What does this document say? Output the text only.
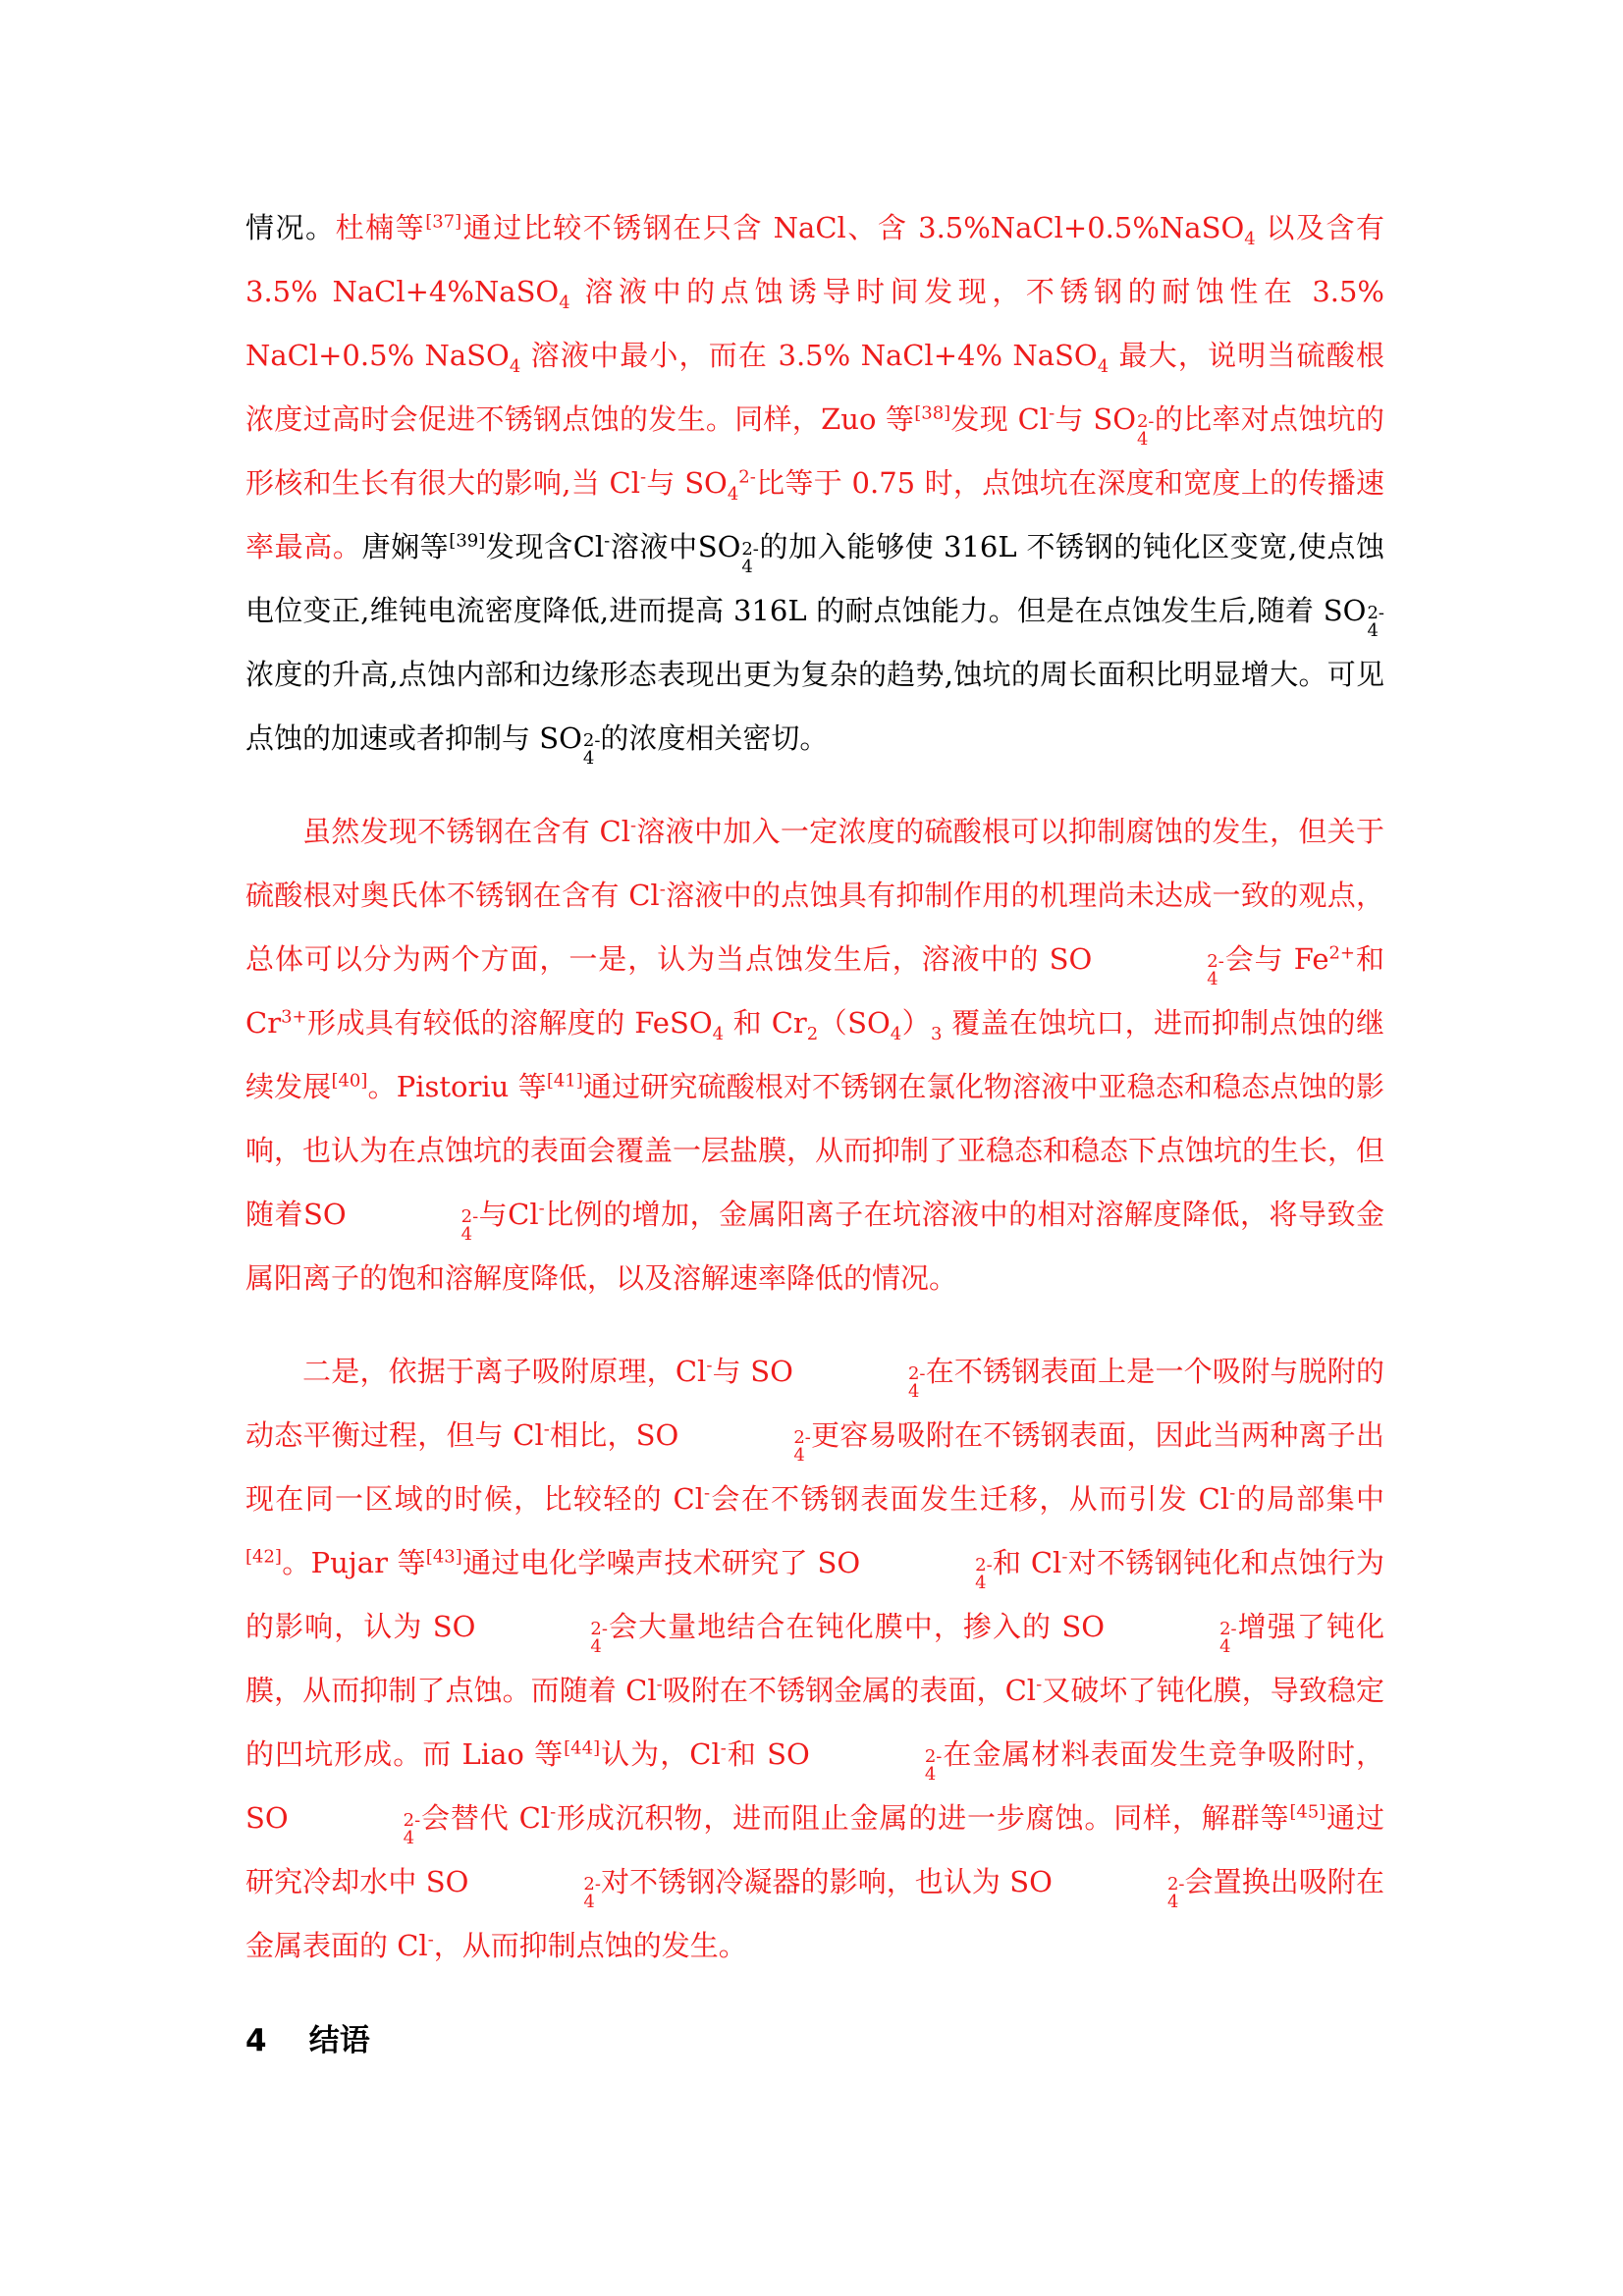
情况。杜楠等[37]通过比较不锈钢在只含 NaCl、含 3.5%NaCl+0.5%NaSO$_4$ 以及含有 3.5% NaCl+4%NaSO$_4$ 溶液中的点蚀诱导时间发现，不锈钢的耐蚀性在 3.5% NaCl+0.5% NaSO$_4$ 溶液中最小，而在 3.5% NaCl+4% NaSO$_4$ 最大，说明当硫酸根浓度过高时会促进不锈钢点蚀的发生。同样，Zuo 等[38]发现 Cl-与 SO 2-
4
的比率对点蚀坑的形核和生长有很大的影响,当 Cl-与 $SO_4^{2-}$比等于 0.75 时，点蚀坑在深度和宽度上的传播速率最高。唐娴等[39]发现含Cl-溶液中SO 2-
4
的加入能够使 316L 不锈钢的钝化区变宽,使点蚀电位变正,维钝电流密度降低,进而提高 316L 的耐点蚀能力。但是在点蚀发生后,随着 SO 2-
4
浓度的升高,点蚀内部和边缘形态表现出更为复杂的趋势,蚀坑的周长面积比明显增大。可见点蚀的加速或者抑制与 SO 2-
4
的浓度相关密切。

虽然发现不锈钢在含有 Cl-溶液中加入一定浓度的硫酸根可以抑制腐蚀的发生，但关于硫酸根对奥氏体不锈钢在含有 Cl-溶液中的点蚀具有抑制作用的机理尚未达成一致的观点，总体可以分为两个方面，一是，认为当点蚀发生后，溶液中的 SO	2-
4
会与 $Fe^{2+}$和 $Cr^{3+}$形成具有较低的溶解度的 FeSO$_4$ 和 $Cr_2(SO_4)_3$ 覆盖在蚀坑口，进而抑制点蚀的继续发展[40]。Pistoriu 等[41]通过研究硫酸根对不锈钢在氯化物溶液中亚稳态和稳态点蚀的影响，也认为在点蚀坑的表面会覆盖一层盐膜，从而抑制了亚稳态和稳态下点蚀坑的生长，但随着SO	2-
4
与Cl-比例的增加，金属阳离子在坑溶液中的相对溶解度降低，将导致金属阳离子的饱和溶解度降低，以及溶解速率降低的情况。

二是，依据于离子吸附原理，Cl-与 SO	2-
4
在不锈钢表面上是一个吸附与脱附的动态平衡过程，但与 Cl-相比，SO	2-
4
更容易吸附在不锈钢表面，因此当两种离子出现在同一区域的时候，比较轻的 Cl-会在不锈钢表面发生迁移，从而引发 Cl-的局部集中[42]。Pujar 等[43]通过电化学噪声技术研究了 SO	2-
4
和 Cl-对不锈钢钝化和点蚀行为的影响，认为 SO	2-
4
会大量地结合在钝化膜中，掺入的 SO	2-
4
增强了钝化膜，从而抑制了点蚀。而随着 Cl-吸附在不锈钢金属的表面，Cl-又破坏了钝化膜，导致稳定的凹坑形成。而 Liao 等[44]认为，Cl-和 SO	2-
4
在金属材料表面发生竞争吸附时，SO	2-
4
会替代 Cl-形成沉积物，进而阻止金属的进一步腐蚀。同样，解群等[45]通过研究冷却水中 SO	2-
4
对不锈钢冷凝器的影响，也认为 SO	2-
4
会置换出吸附在金属表面的 Cl-，从而抑制点蚀的发生。

4 结语
